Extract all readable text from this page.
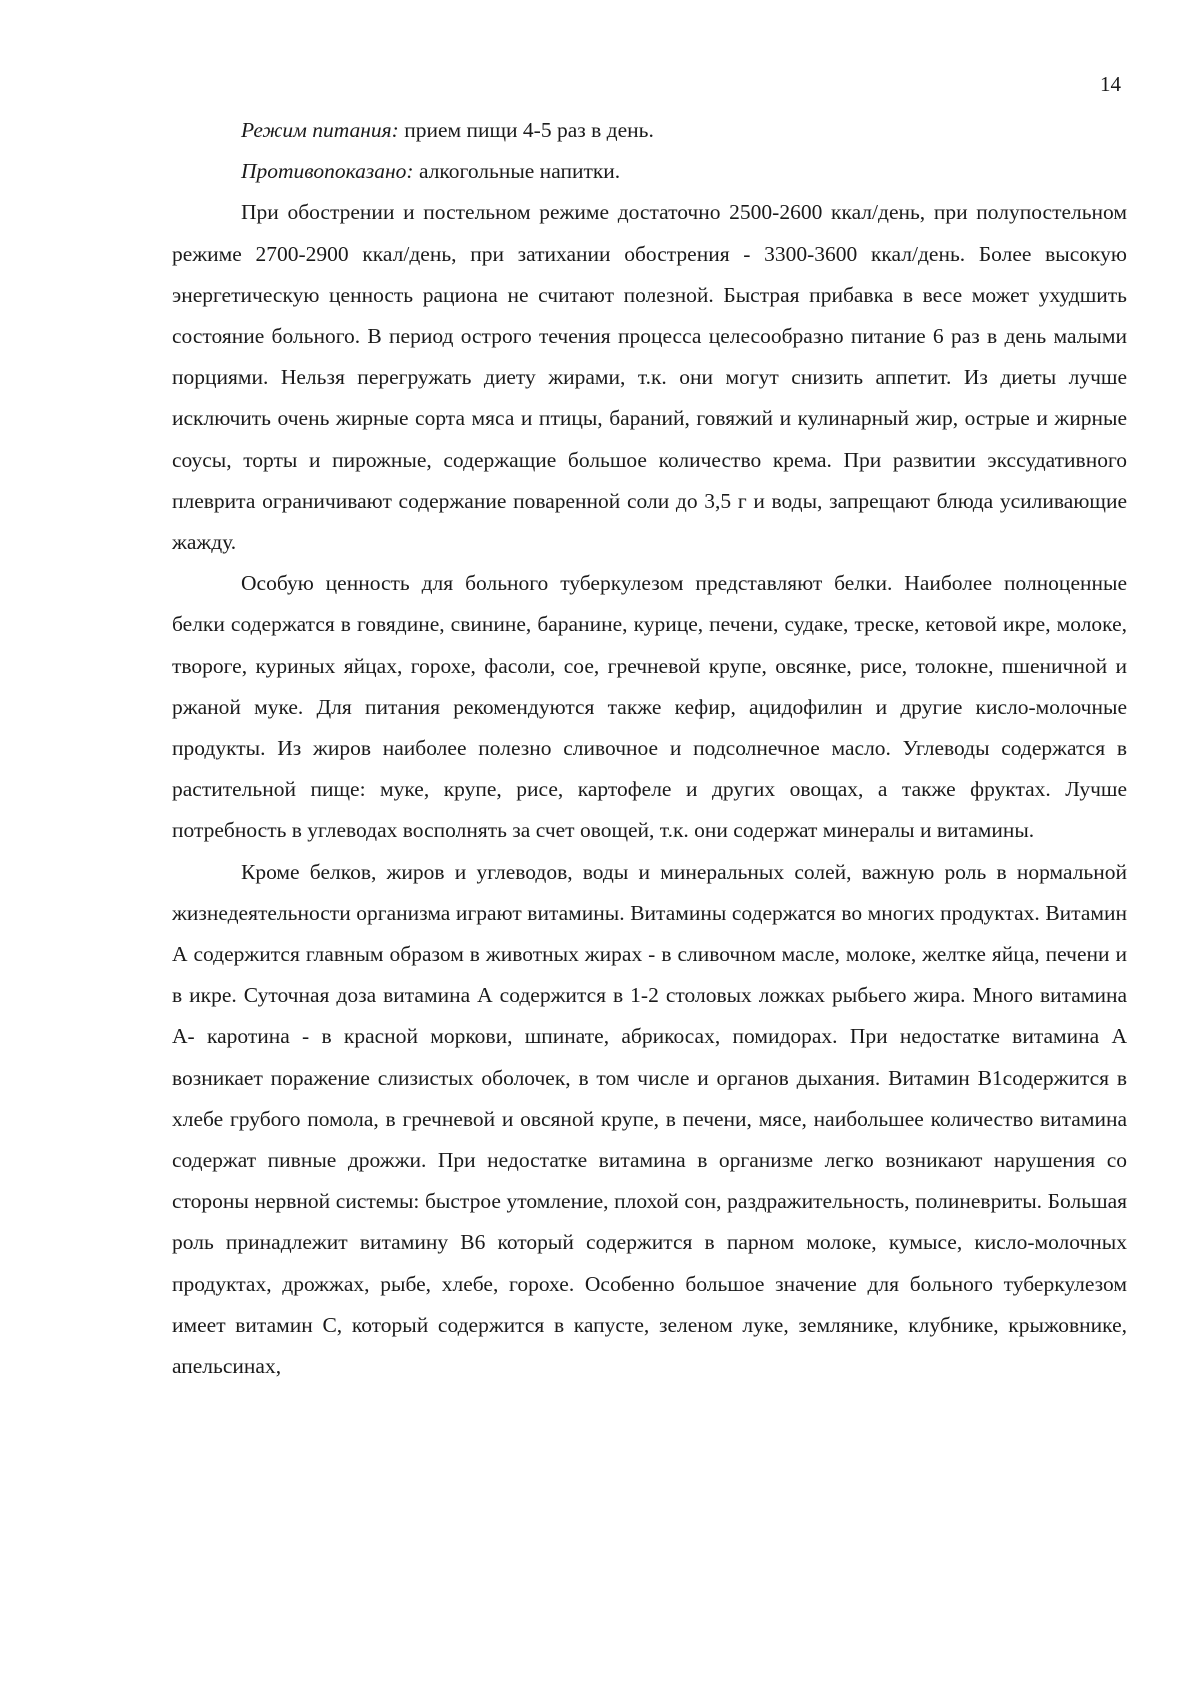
14

Режим питания: прием пищи 4-5 раз в день.

Противопоказано: алкогольные напитки.

При обострении и постельном режиме достаточно 2500-2600 ккал/день, при полупостельном режиме 2700-2900 ккал/день, при затихании обострения - 3300-3600 ккал/день. Более высокую энергетическую ценность рациона не считают полезной. Быстрая прибавка в весе может ухудшить состояние больного. В период острого течения процесса целесообразно питание 6 раз в день малыми порциями. Нельзя перегружать диету жирами, т.к. они могут снизить аппетит. Из диеты лучше исключить очень жирные сорта мяса и птицы, бараний, говяжий и кулинарный жир, острые и жирные соусы, торты и пирожные, содержащие большое количество крема. При развитии экссудативного плеврита ограничивают содержание поваренной соли до 3,5 г и воды, запрещают блюда усиливающие жажду.

Особую ценность для больного туберкулезом представляют белки. Наиболее полноценные белки содержатся в говядине, свинине, баранине, курице, печени, судаке, треске, кетовой икре, молоке, твороге, куриных яйцах, горохе, фасоли, сое, гречневой крупе, овсянке, рисе, толокне, пшеничной и ржаной муке. Для питания рекомендуются также кефир, ацидофилин и другие кисло-молочные продукты. Из жиров наиболее полезно сливочное и подсолнечное масло. Углеводы содержатся в растительной пище: муке, крупе, рисе, картофеле и других овощах, а также фруктах. Лучше потребность в углеводах восполнять за счет овощей, т.к. они содержат минералы и витамины.

Кроме белков, жиров и углеводов, воды и минеральных солей, важную роль в нормальной жизнедеятельности организма играют витамины. Витамины содержатся во многих продуктах. Витамин А содержится главным образом в животных жирах - в сливочном масле, молоке, желтке яйца, печени и в икре. Суточная доза витамина А содержится в 1-2 столовых ложках рыбьего жира. Много витамина А- каротина - в красной моркови, шпинате, абрикосах, помидорах. При недостатке витамина А возникает поражение слизистых оболочек, в том числе и органов дыхания. Витамин В1содержится в хлебе грубого помола, в гречневой и овсяной крупе, в печени, мясе, наибольшее количество витамина содержат пивные дрожжи. При недостатке витамина в организме легко возникают нарушения со стороны нервной системы: быстрое утомление, плохой сон, раздражительность, полиневриты. Большая роль принадлежит витамину В6 который содержится в парном молоке, кумысе, кисло-молочных продуктах, дрожжах, рыбе, хлебе, горохе. Особенно большое значение для больного туберкулезом имеет витамин С, который содержится в капусте, зеленом луке, землянике, клубнике, крыжовнике, апельсинах,
